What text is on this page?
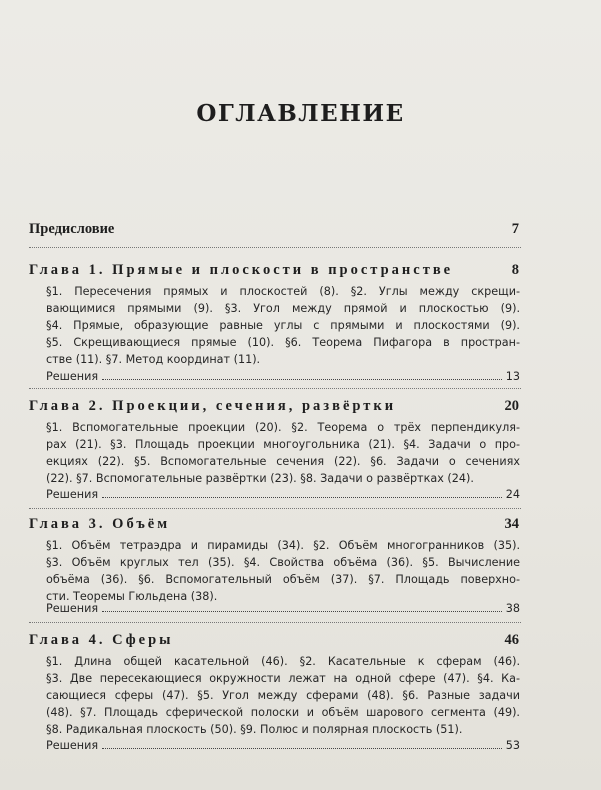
ОГЛАВЛЕНИЕ
Предисловие	7
Глава 1. Прямые и плоскости в пространстве	8
§1. Пересечения прямых и плоскостей (8). §2. Углы между скрещи-
вающимися прямыми (9). §3. Угол между прямой и плоскостью (9).
§4. Прямые, образующие равные углы с прямыми и плоскостями (9).
§5. Скрещивающиеся прямые (10). §6. Теорема Пифагора в простран-
стве (11). §7. Метод координат (11).
Решения	13
Глава 2. Проекции, сечения, развёртки	20
§1. Вспомогательные проекции (20). §2. Теорема о трёх перпендикуля-
рах (21). §3. Площадь проекции многоугольника (21). §4. Задачи о про-
екциях (22). §5. Вспомогательные сечения (22). §6. Задачи о сечениях
(22). §7. Вспомогательные развёртки (23). §8. Задачи о развёртках (24).
Решения	24
Глава 3. Объём	34
§1. Объём тетраэдра и пирамиды (34). §2. Объём многогранников (35).
§3. Объём круглых тел (35). §4. Свойства объёма (36). §5. Вычисление
объёма (36). §6. Вспомогательный объём (37). §7. Площадь поверхно-
сти. Теоремы Гюльдена (38).
Решения	38
Глава 4. Сферы	46
§1. Длина общей касательной (46). §2. Касательные к сферам (46).
§3. Две пересекающиеся окружности лежат на одной сфере (47). §4. Ка-
сающиеся сферы (47). §5. Угол между сферами (48). §6. Разные задачи
(48). §7. Площадь сферической полоски и объём шарового сегмента (49).
§8. Радикальная плоскость (50). §9. Полюс и полярная плоскость (51).
Решения	53
